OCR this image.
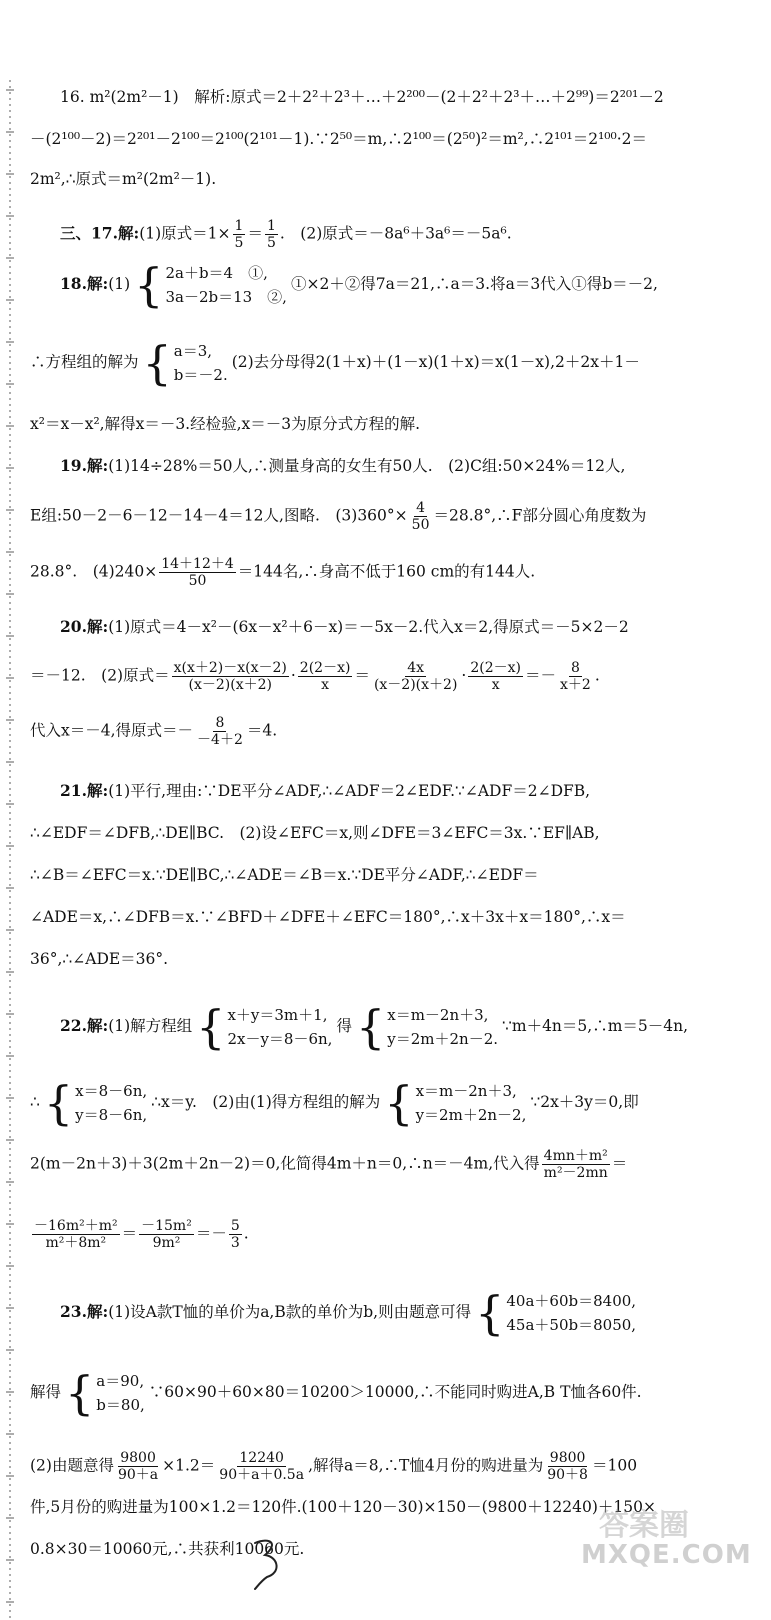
16. m²(2m²－1)　解析:原式＝2＋2²＋2³＋…＋2²⁰⁰－(2＋2²＋2³＋…＋2⁹⁹)＝2²⁰¹－2
－(2¹⁰⁰－2)＝2²⁰¹－2¹⁰⁰＝2¹⁰⁰(2¹⁰¹－1).∵2⁵⁰＝m,∴2¹⁰⁰＝(2⁵⁰)²＝m²,∴2¹⁰¹＝2¹⁰⁰·2＝
2m²,∴原式＝m²(2m²－1).
三、17.解:(1)原式$=1\times \frac{1}{5} = \frac{1}{5}$ .　(2)原式＝－8a⁶＋3a⁶＝－5a⁶.
18.解:(1) { 2a＋b＝4　①,
3a－2b＝13　②,
①×2＋②得7a＝21,∴a＝3.将a＝3代入①得b＝－2,
∴方程组的解为 { a＝3,
b＝－2.
(2)去分母得2(1＋x)＋(1－x)(1＋x)＝x(1－x),2＋2x＋1－
x²＝x－x²,解得x＝－3.经检验,x＝－3为原分式方程的解.
19.解:(1)14÷28%＝50人,∴测量身高的女生有50人.　(2)C组:50×24%＝12人,
E组:50－2－6－12－14－4＝12人,图略.　$(3)360^\circ\times \frac{4}{50}$ ＝28.8°,∴F部分圆心角度数为
28.8°.　$(4)240\times \frac{14+12+4}{50} =144$名,∴身高不低于160 cm的有144人.
20.解:(1)原式＝4－x²－(6x－x²＋6－x)＝－5x－2.代入x＝2,得原式＝－5×2－2
＝－12.　(2)原式＝ $\frac{x(x+2)-x(x-2)}{(x-2)(x+2)} \cdot \frac{2(2-x)}{x} = \frac{4x}{(x-2)(x+2)} \cdot \frac{2(2-x)}{x} =- \frac{8}{x+2}$ .
代入x＝－4,得原式＝－ $\frac{8}{-4+2} =4$.
21.解:(1)平行,理由:∵DE平分∠ADF,∴∠ADF＝2∠EDF.∵∠ADF＝2∠DFB,
∴∠EDF＝∠DFB,∴DE∥BC.　(2)设∠EFC＝x,则∠DFE＝3∠EFC＝3x.∵EF∥AB,
∴∠B＝∠EFC＝x.∵DE∥BC,∴∠ADE＝∠B＝x.∵DE平分∠ADF,∴∠EDF＝
∠ADE＝x,∴∠DFB＝x.∵∠BFD＋∠DFE＋∠EFC＝180°,∴x＋3x＋x＝180°,∴x＝
36°,∴∠ADE＝36°.
22.解:(1)解方程组 { x＋y＝3m＋1,
2x－y＝8－6n,
得 { x＝m－2n＋3,
y＝2m＋2n－2.
∵m＋4n＝5,∴m＝5－4n,
∴ { x＝8－6n,
y＝8－6n,
∴x＝y.　(2)由(1)得方程组的解为 { x＝m－2n＋3,
y＝2m＋2n－2,
∵2x＋3y＝0,即
2(m－2n＋3)＋3(2m＋2n－2)＝0,化简得4m＋n＝0,∴n＝－4m,代入得 $\frac{\text{4mn＋m²}}{\text{m²－2mn}}$ ＝
$\frac{\text{－16m²＋m²}}{\text{m²＋8m²}} = \frac{\text{－15m²}}{\text{9m²}} =- \frac{5}{3}$ .
23.解:(1)设A款T恤的单价为a,B款的单价为b,则由题意可得 { 40a＋60b＝8400,
45a＋50b＝8050,
解得 { a＝90,
b＝80,
∵60×90＋60×80＝10200＞10000,∴不能同时购进A,B T恤各60件.
(2)由题意得 $\frac{9800}{90+a} \times 1.2= \frac{12240}{90+a+0.5a}$ ,解得a＝8,∴T恤4月份的购进量为 $\frac{9800}{90+8} =100$
件,5月份的购进量为100×1.2＝120件.(100＋120－30)×150－(9800＋12240)＋150×
0.8×30＝10060元,∴共获利10060元.
答案圈
MXQE.COM
